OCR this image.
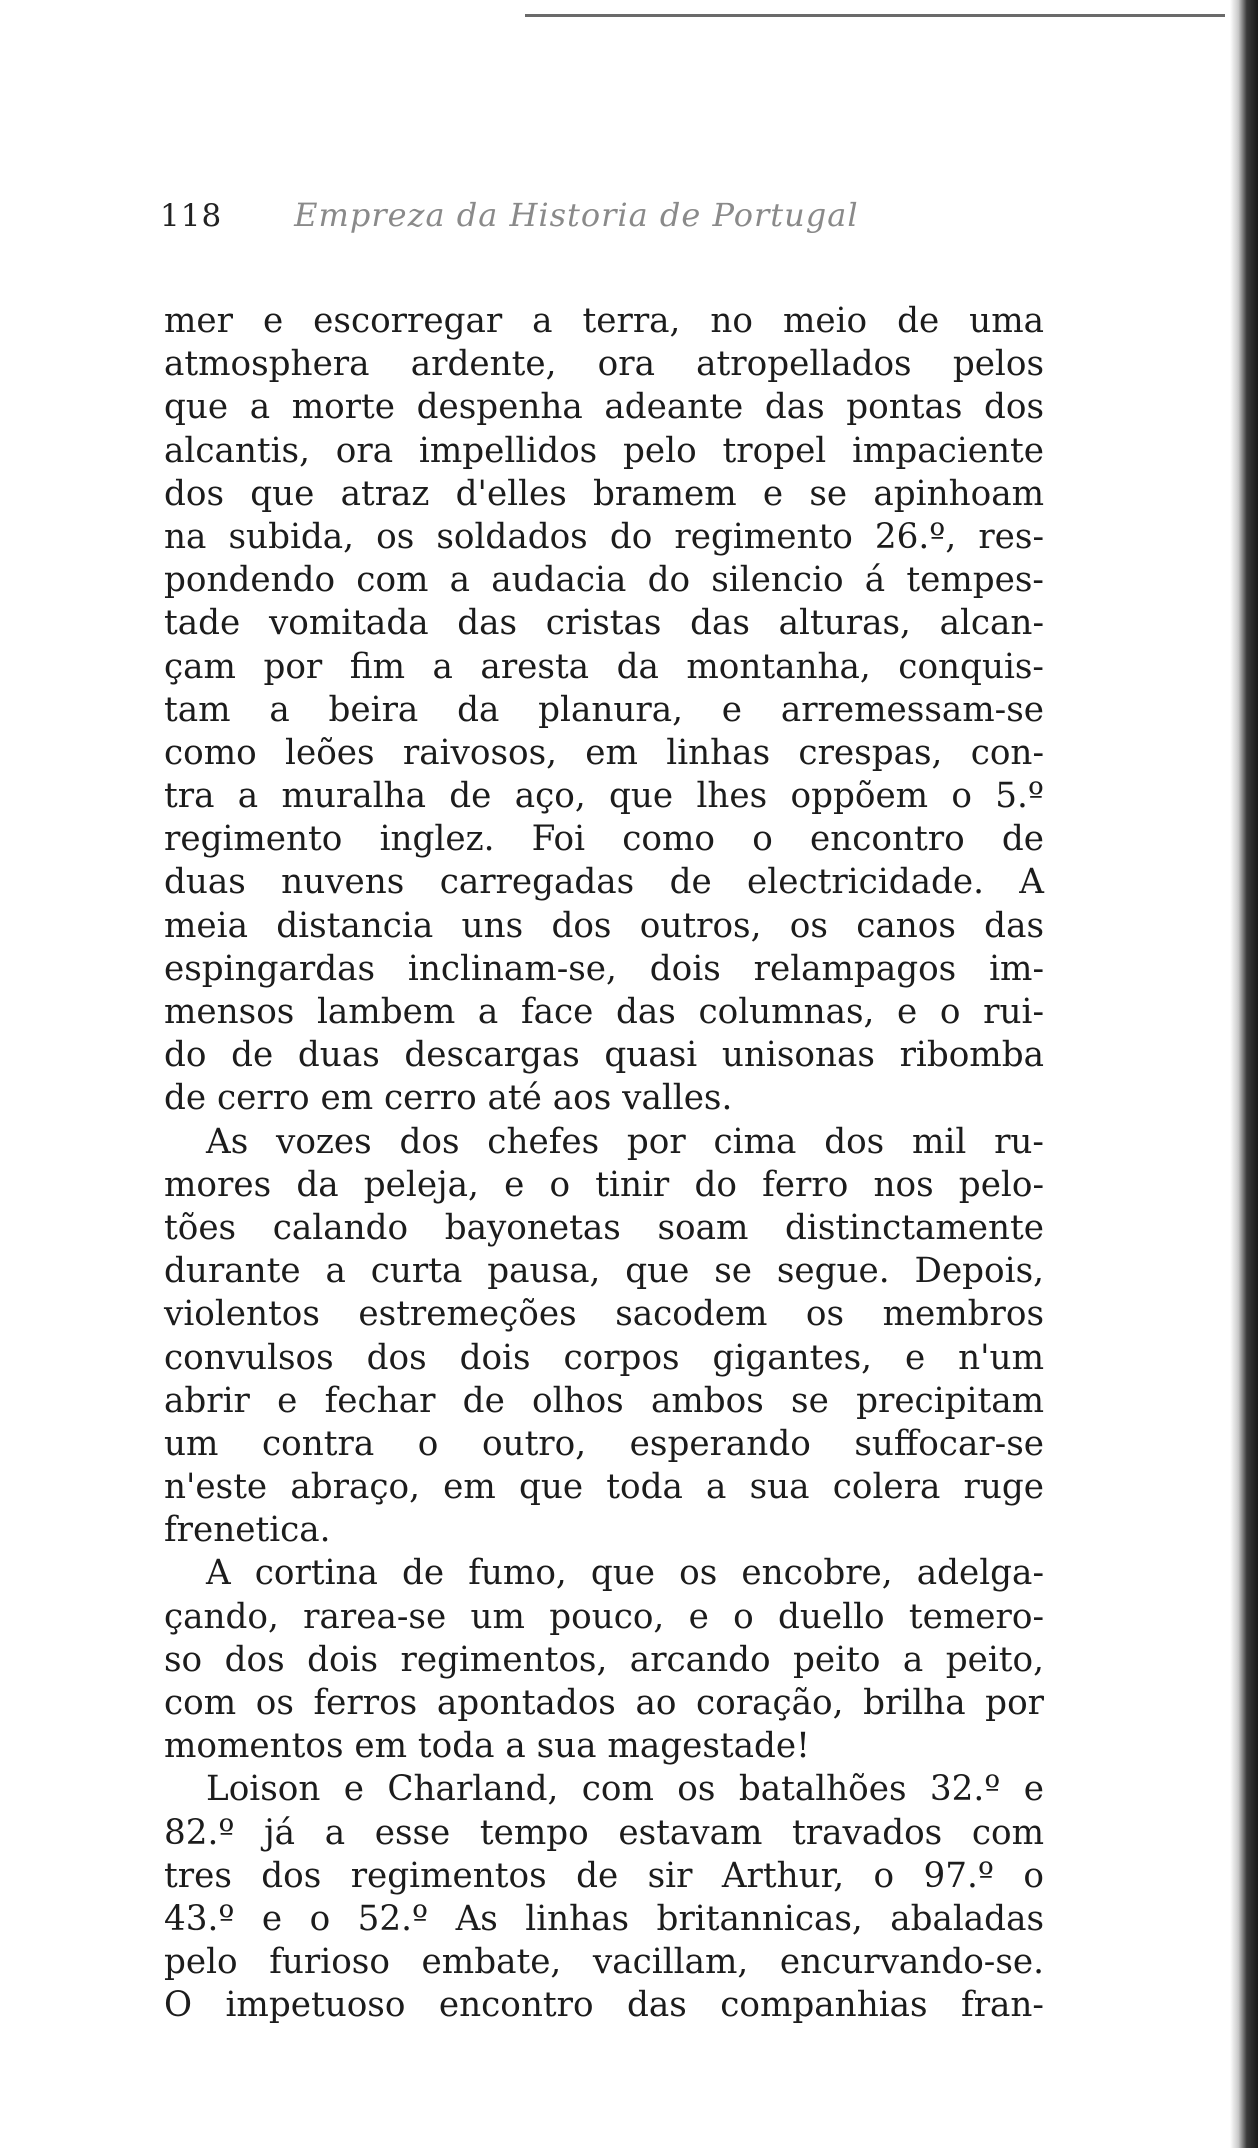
118 Empreza da Historia de Portugal
mer e escorregar a terra, no meio de uma
atmosphera ardente, ora atropellados pelos
que a morte despenha adeante das pontas dos
alcantis, ora impellidos pelo tropel impaciente
dos que atraz d'elles bramem e se apinhoam
na subida, os soldados do regimento 26.º, res-
pondendo com a audacia do silencio á tempes-
tade vomitada das cristas das alturas, alcan-
çam por fim a aresta da montanha, conquis-
tam a beira da planura, e arremessam-se
como leões raivosos, em linhas crespas, con-
tra a muralha de aço, que lhes oppõem o 5.º
regimento inglez. Foi como o encontro de
duas nuvens carregadas de electricidade. A
meia distancia uns dos outros, os canos das
espingardas inclinam-se, dois relampagos im-
mensos lambem a face das columnas, e o rui-
do de duas descargas quasi unisonas ribomba
de cerro em cerro até aos valles.
As vozes dos chefes por cima dos mil ru-
mores da peleja, e o tinir do ferro nos pelo-
tões calando bayonetas soam distinctamente
durante a curta pausa, que se segue. Depois,
violentos estremeções sacodem os membros
convulsos dos dois corpos gigantes, e n'um
abrir e fechar de olhos ambos se precipitam
um contra o outro, esperando suffocar-se
n'este abraço, em que toda a sua colera ruge
frenetica.
A cortina de fumo, que os encobre, adelga-
çando, rarea-se um pouco, e o duello temero-
so dos dois regimentos, arcando peito a peito,
com os ferros apontados ao coração, brilha por
momentos em toda a sua magestade!
Loison e Charland, com os batalhões 32.º e
82.º já a esse tempo estavam travados com
tres dos regimentos de sir Arthur, o 97.º o
43.º e o 52.º As linhas britannicas, abaladas
pelo furioso embate, vacillam, encurvando-se.
O impetuoso encontro das companhias fran-
